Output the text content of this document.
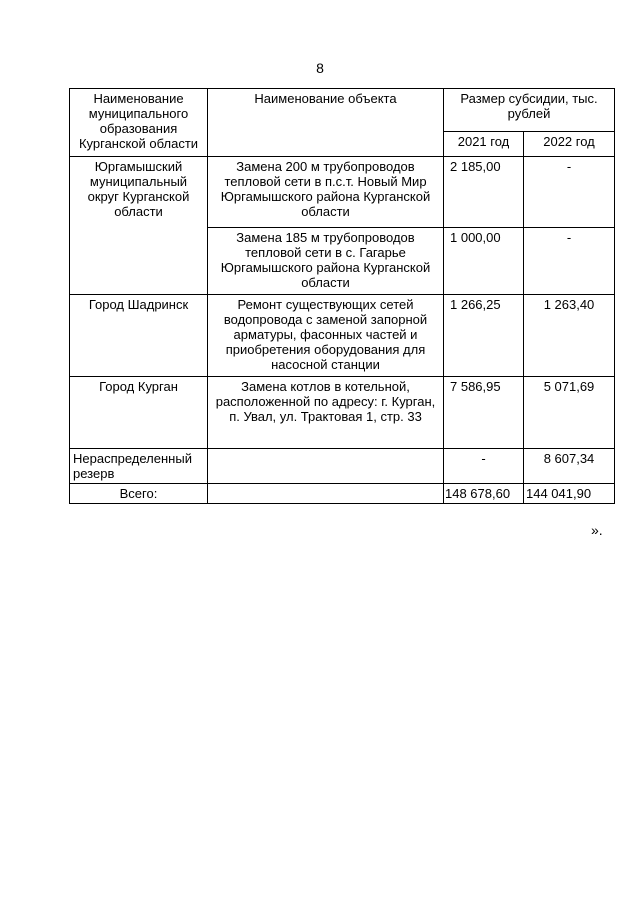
8
Наименование муниципального образования Курганской области	Наименование объекта	Размер субсидии, тыс. рублей	
		2021 год	2022 год
Юргамышский муниципальный округ Курганской области	Замена 200 м трубопроводов тепловой сети в п.с.т. Новый Мир Юргамышского района Курганской области	2 185,00	-
	Замена 185 м трубопроводов тепловой сети в с. Гагарье Юргамышского района Курганской области	1 000,00	-
Город Шадринск	Ремонт существующих сетей водопровода с заменой запорной арматуры, фасонных частей и приобретения оборудования для насосной станции	1 266,25	1 263,40
Город Курган	Замена котлов в котельной, расположенной по адресу: г. Курган, п. Увал, ул. Трактовая 1, стр. 33	7 586,95	5 071,69
Нераспределенный резерв		-	8 607,34
Всего:		148 678,60	144 041,90
».
